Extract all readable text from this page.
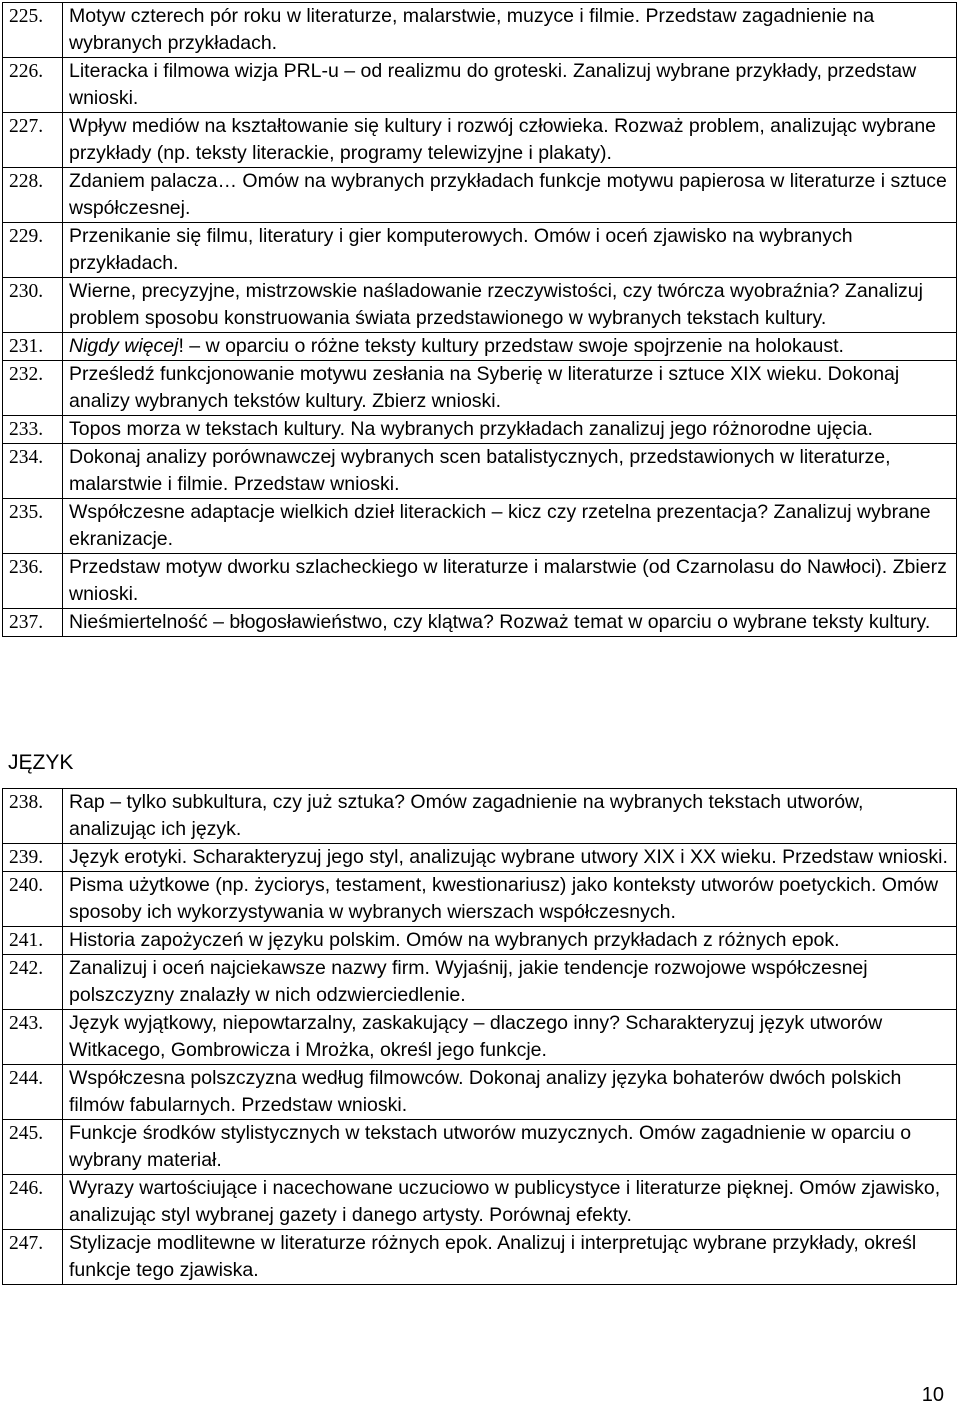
225.	Motyw czterech pór roku w literaturze, malarstwie, muzyce i filmie. Przedstaw zagadnienie na wybranych przykładach.
226.	Literacka i filmowa wizja PRL-u – od realizmu do groteski. Zanalizuj wybrane przykłady, przedstaw wnioski.
227.	Wpływ mediów na kształtowanie się kultury i rozwój człowieka. Rozważ problem, analizując wybrane przykłady (np. teksty literackie, programy telewizyjne i plakaty).
228.	Zdaniem palacza… Omów na wybranych przykładach funkcje motywu papierosa w literaturze i sztuce współczesnej.
229.	Przenikanie się filmu, literatury i gier komputerowych. Omów i oceń zjawisko na wybranych przykładach.
230.	Wierne, precyzyjne, mistrzowskie naśladowanie rzeczywistości, czy twórcza wyobraźnia? Zanalizuj problem sposobu konstruowania świata przedstawionego w wybranych tekstach kultury.
231.	Nigdy więcej! – w oparciu o różne teksty kultury przedstaw swoje spojrzenie na holokaust.
232.	Prześledź funkcjonowanie motywu zesłania na Syberię w literaturze i sztuce XIX wieku. Dokonaj analizy wybranych tekstów kultury. Zbierz wnioski.
233.	Topos morza w tekstach kultury. Na wybranych przykładach zanalizuj jego różnorodne ujęcia.
234.	Dokonaj analizy porównawczej wybranych scen batalistycznych, przedstawionych w literaturze, malarstwie i filmie. Przedstaw wnioski.
235.	Współczesne adaptacje wielkich dzieł literackich – kicz czy rzetelna prezentacja? Zanalizuj wybrane ekranizacje.
236.	Przedstaw motyw dworku szlacheckiego w literaturze i malarstwie (od Czarnolasu do Nawłoci). Zbierz wnioski.
237.	Nieśmiertelność – błogosławieństwo, czy klątwa? Rozważ temat w oparciu o wybrane teksty kultury.
JĘZYK
238.	Rap – tylko subkultura, czy już sztuka? Omów zagadnienie na wybranych tekstach utworów, analizując ich język.
239.	Język erotyki. Scharakteryzuj jego styl, analizując wybrane utwory XIX i XX wieku. Przedstaw wnioski.
240.	Pisma użytkowe (np. życiorys, testament, kwestionariusz) jako konteksty utworów poetyckich. Omów sposoby ich wykorzystywania w wybranych wierszach współczesnych.
241.	Historia zapożyczeń w języku polskim. Omów na wybranych przykładach z różnych epok.
242.	Zanalizuj i oceń najciekawsze nazwy firm. Wyjaśnij, jakie tendencje rozwojowe współczesnej polszczyzny znalazły w nich odzwierciedlenie.
243.	Język wyjątkowy, niepowtarzalny, zaskakujący – dlaczego inny? Scharakteryzuj język utworów Witkacego, Gombrowicza i Mrożka, określ jego funkcje.
244.	Współczesna polszczyzna według filmowców. Dokonaj analizy języka bohaterów dwóch polskich filmów fabularnych. Przedstaw wnioski.
245.	Funkcje środków stylistycznych w tekstach utworów muzycznych. Omów zagadnienie w oparciu o wybrany materiał.
246.	Wyrazy wartościujące i nacechowane uczuciowo w publicystyce i literaturze pięknej. Omów zjawisko, analizując styl wybranej gazety i danego artysty. Porównaj efekty.
247.	Stylizacje modlitewne w literaturze różnych epok. Analizuj i interpretując wybrane przykłady, określ funkcje tego zjawiska.
10
